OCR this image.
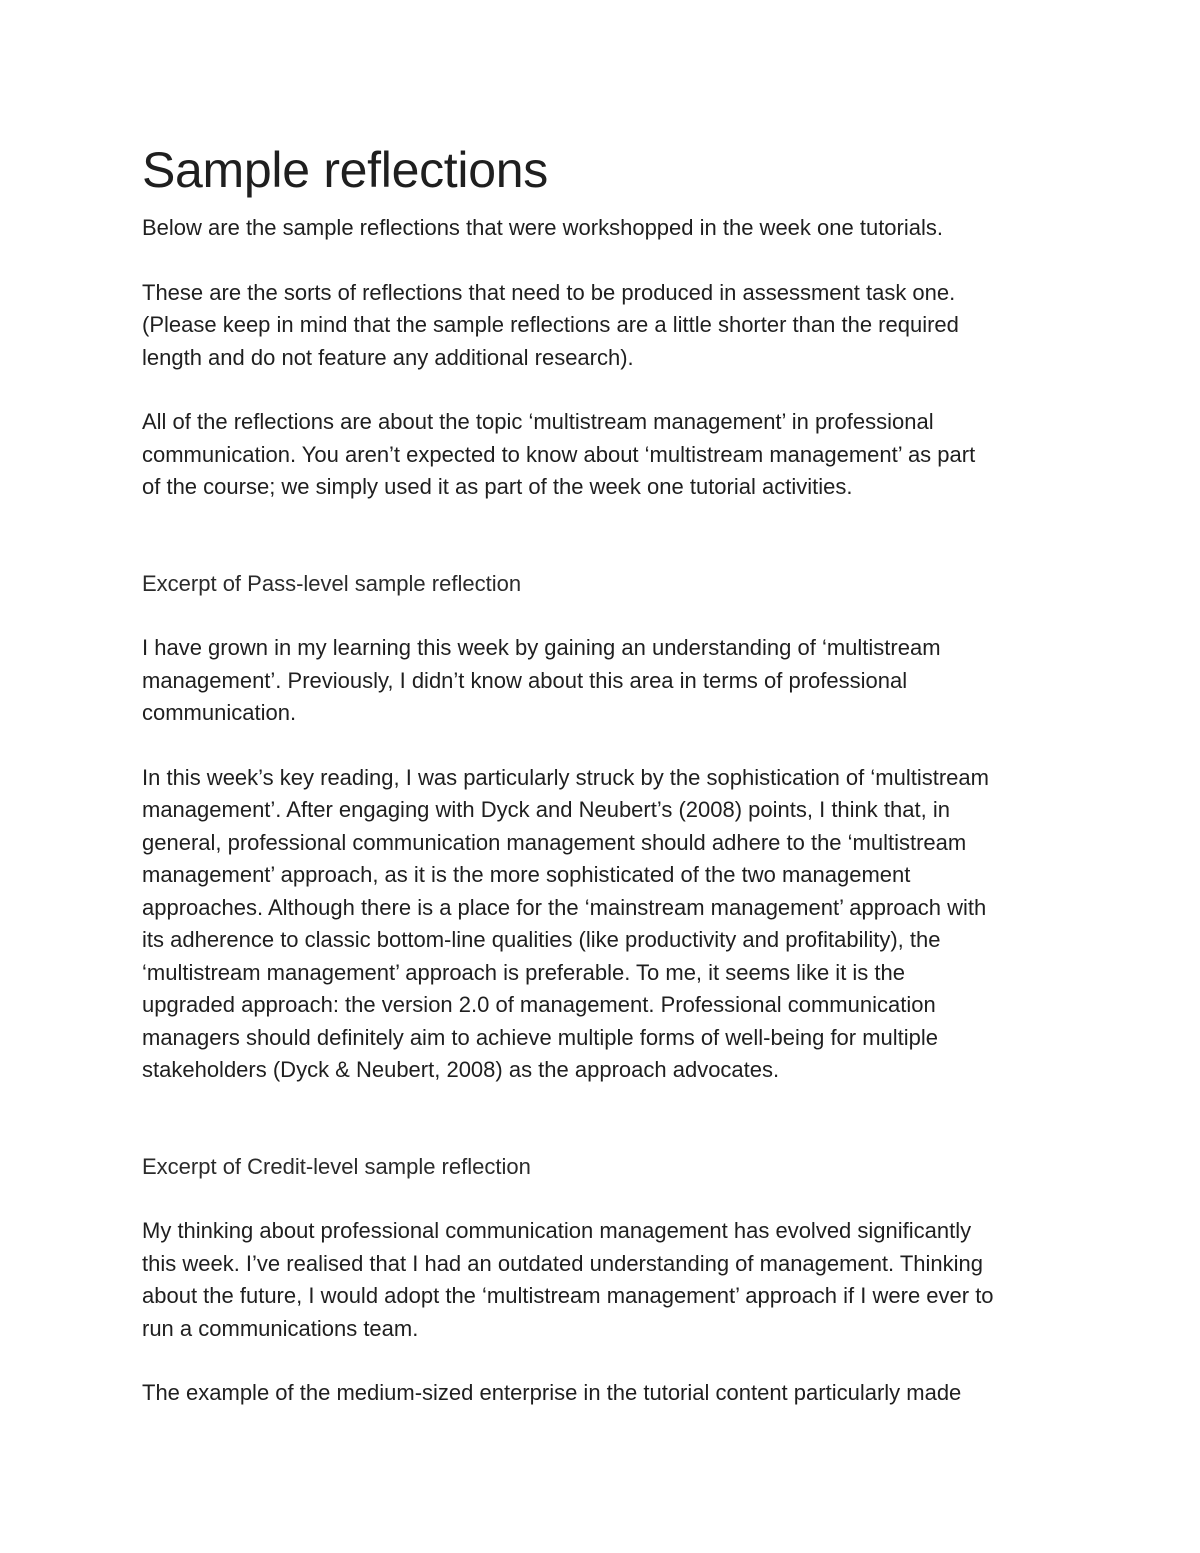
Sample reflections

Below are the sample reflections that were workshopped in the week one tutorials.

These are the sorts of reflections that need to be produced in assessment task one.
(Please keep in mind that the sample reflections are a little shorter than the required
length and do not feature any additional research).

All of the reflections are about the topic ‘multistream management’ in professional
communication. You aren’t expected to know about ‘multistream management’ as part
of the course; we simply used it as part of the week one tutorial activities.

Excerpt of Pass-level sample reflection

I have grown in my learning this week by gaining an understanding of ‘multistream
management’. Previously, I didn’t know about this area in terms of professional
communication.

In this week’s key reading, I was particularly struck by the sophistication of ‘multistream
management’. After engaging with Dyck and Neubert’s (2008) points, I think that, in
general, professional communication management should adhere to the ‘multistream
management’ approach, as it is the more sophisticated of the two management
approaches. Although there is a place for the ‘mainstream management’ approach with
its adherence to classic bottom-line qualities (like productivity and profitability), the
‘multistream management’ approach is preferable. To me, it seems like it is the
upgraded approach: the version 2.0 of management. Professional communication
managers should definitely aim to achieve multiple forms of well-being for multiple
stakeholders (Dyck & Neubert, 2008) as the approach advocates.

Excerpt of Credit-level sample reflection

My thinking about professional communication management has evolved significantly
this week. I’ve realised that I had an outdated understanding of management. Thinking
about the future, I would adopt the ‘multistream management’ approach if I were ever to
run a communications team.

The example of the medium-sized enterprise in the tutorial content particularly made
